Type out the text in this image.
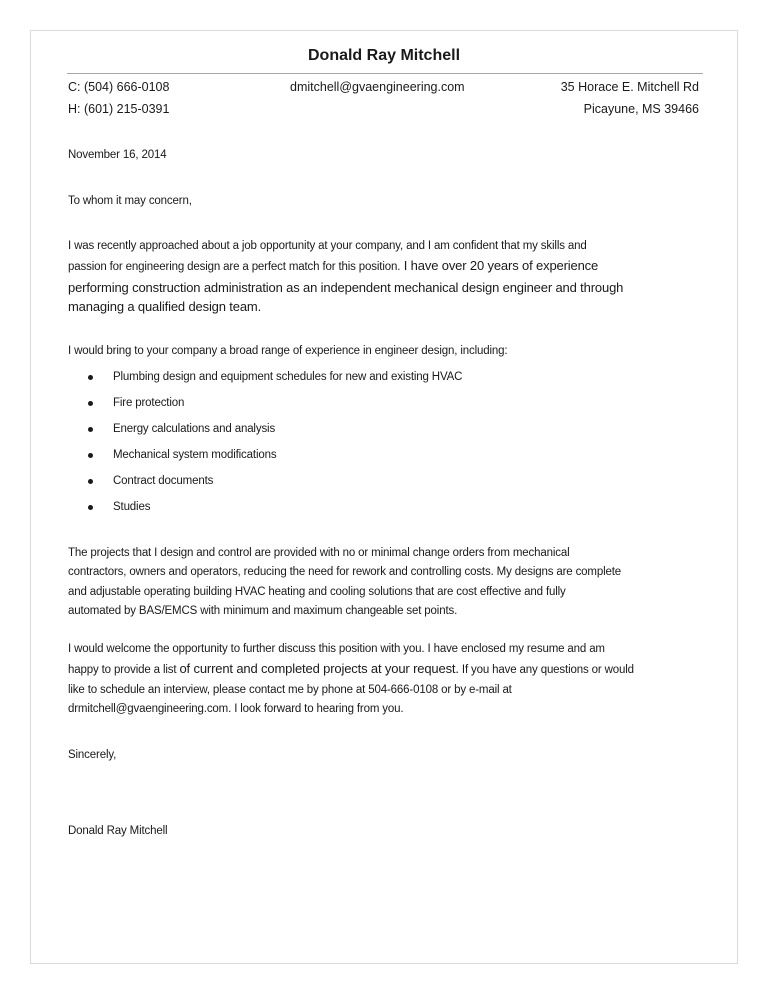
Donald Ray Mitchell
C: (504) 666-0108
H: (601) 215-0391
dmitchell@gvaengineering.com	35 Horace E. Mitchell Rd
Picayune, MS 39466
November 16, 2014
To whom it may concern,
I was recently approached about a job opportunity at your company, and I am confident that my skills and
passion for engineering design are a perfect match for this position. I have over 20 years of experience
performing construction administration as an independent mechanical design engineer and through
managing a qualified design team.
I would bring to your company a broad range of experience in engineer design, including:
Plumbing design and equipment schedules for new and existing HVAC
Fire protection
Energy calculations and analysis
Mechanical system modifications
Contract documents
Studies
The projects that I design and control are provided with no or minimal change orders from mechanical
contractors, owners and operators, reducing the need for rework and controlling costs. My designs are complete
and adjustable operating building HVAC heating and cooling solutions that are cost effective and fully
automated by BAS/EMCS with minimum and maximum changeable set points.
I would welcome the opportunity to further discuss this position with you. I have enclosed my resume and am
happy to provide a list of current and completed projects at your request. If you have any questions or would
like to schedule an interview, please contact me by phone at 504-666-0108 or by e-mail at
drmitchell@gvaengineering.com. I look forward to hearing from you.
Sincerely,
Donald Ray Mitchell
